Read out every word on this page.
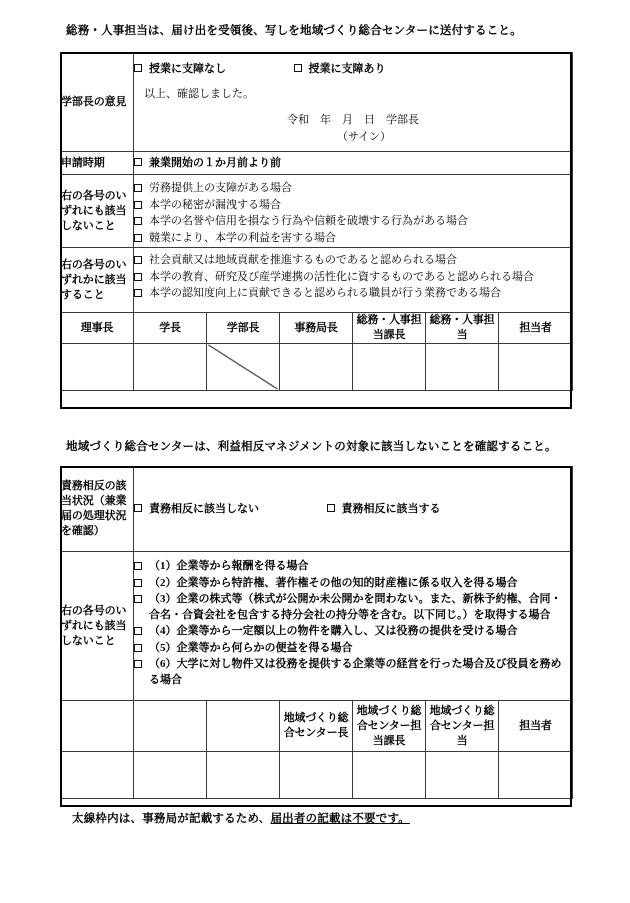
総務・人事担当は、届け出を受領後、写しを地域づくり総合センターに送付すること。
学部長の意見	授業に支障なし 授業に支障あり
以上、確認しました。
令和　年　月　日　学部長
（サイン）					

申請時期	兼業開始の１か月前より前					

右の各号のいずれにも該当しないこと	労務提供上の支障がある場合
本学の秘密が漏洩する場合
本学の名誉や信用を損なう行為や信頼を破壊する行為がある場合
競業により、本学の利益を害する場合					

右の各号のいずれかに該当すること	社会貢献又は地域貢献を推進するものであると認められる場合
本学の教育、研究及び産学連携の活性化に資するものであると認められる場合
本学の認知度向上に貢献できると認められる職員が行う業務である場合					

理事長	学長	学部長	事務局長	総務・人事担当課長	総務・人事担当	担当者

地域づくり総合センターは、利益相反マネジメントの対象に該当しないことを確認すること。
責務相反の該当状況（兼業届の処理状況を確認）	責務相反に該当しない 責務相反に該当する					

右の各号のいずれにも該当しないこと	
（1）企業等から報酬を得る場合
（2）企業等から特許権、著作権その他の知的財産権に係る収入を得る場合
（3）企業の株式等（株式が公開か未公開かを問わない。また、新株予約権、合同・合名・合資会社を包含する持分会社の持分等を含む。以下同じ。）を取得する場合
（4）企業等から一定額以上の物件を購入し、又は役務の提供を受ける場合
（5）企業等から何らかの便益を得る場合
（6）大学に対し物件又は役務を提供する企業等の経営を行った場合及び役員を務める場合

			地域づくり総合センター長	地域づくり総合センター担当課長	地域づくり総合センター担当	担当者

太線枠内は、事務局が記載するため、届出者の記載は不要です。
